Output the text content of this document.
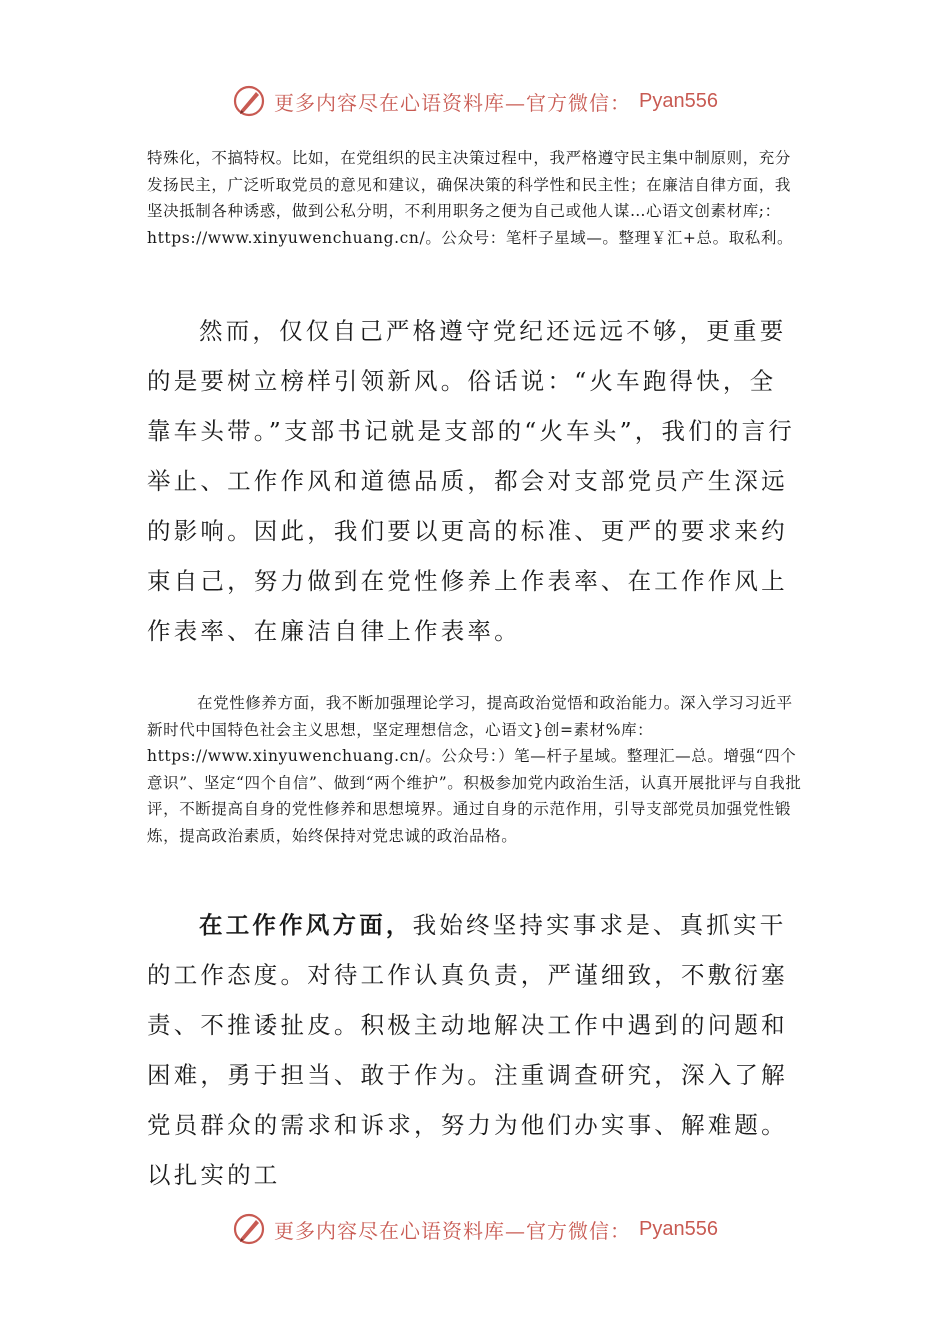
更多内容尽在心语资料库—官方微信： Pyan556

特殊化，不搞特权。比如，在党组织的民主决策过程中，我严格遵守民主集中制原则，充分发扬民主，广泛听取党员的意见和建议，确保决策的科学性和民主性；在廉洁自律方面，我坚决抵制各种诱惑，做到公私分明，不利用职务之便为自己或他人谋…心语文创素材库;：https://www.xinyuwenchuang.cn/。公众号：笔杆子星域—。整理￥汇+总。取私利。

然而，仅仅自己严格遵守党纪还远远不够，更重要的是要树立榜样引领新风。俗话说：“火车跑得快，全靠车头带。”支部书记就是支部的“火车头”，我们的言行举止、工作作风和道德品质，都会对支部党员产生深远的影响。因此，我们要以更高的标准、更严的要求来约束自己，努力做到在党性修养上作表率、在工作作风上作表率、在廉洁自律上作表率。

在党性修养方面，我不断加强理论学习，提高政治觉悟和政治能力。深入学习习近平新时代中国特色社会主义思想，坚定理想信念，心语文}创=素材%库：https://www.xinyuwenchuang.cn/。公众号：）笔—杆子星域。整理汇—总。增强“四个意识”、坚定“四个自信”、做到“两个维护”。积极参加党内政治生活，认真开展批评与自我批评，不断提高自身的党性修养和思想境界。通过自身的示范作用，引导支部党员加强党性锻炼，提高政治素质，始终保持对党忠诚的政治品格。

在工作作风方面，我始终坚持实事求是、真抓实干的工作态度。对待工作认真负责，严谨细致，不敷衍塞责、不推诿扯皮。积极主动地解决工作中遇到的问题和困难，勇于担当、敢于作为。注重调查研究，深入了解党员群众的需求和诉求，努力为他们办实事、解难题。以扎实的工
更多内容尽在心语资料库—官方微信： Pyan556
